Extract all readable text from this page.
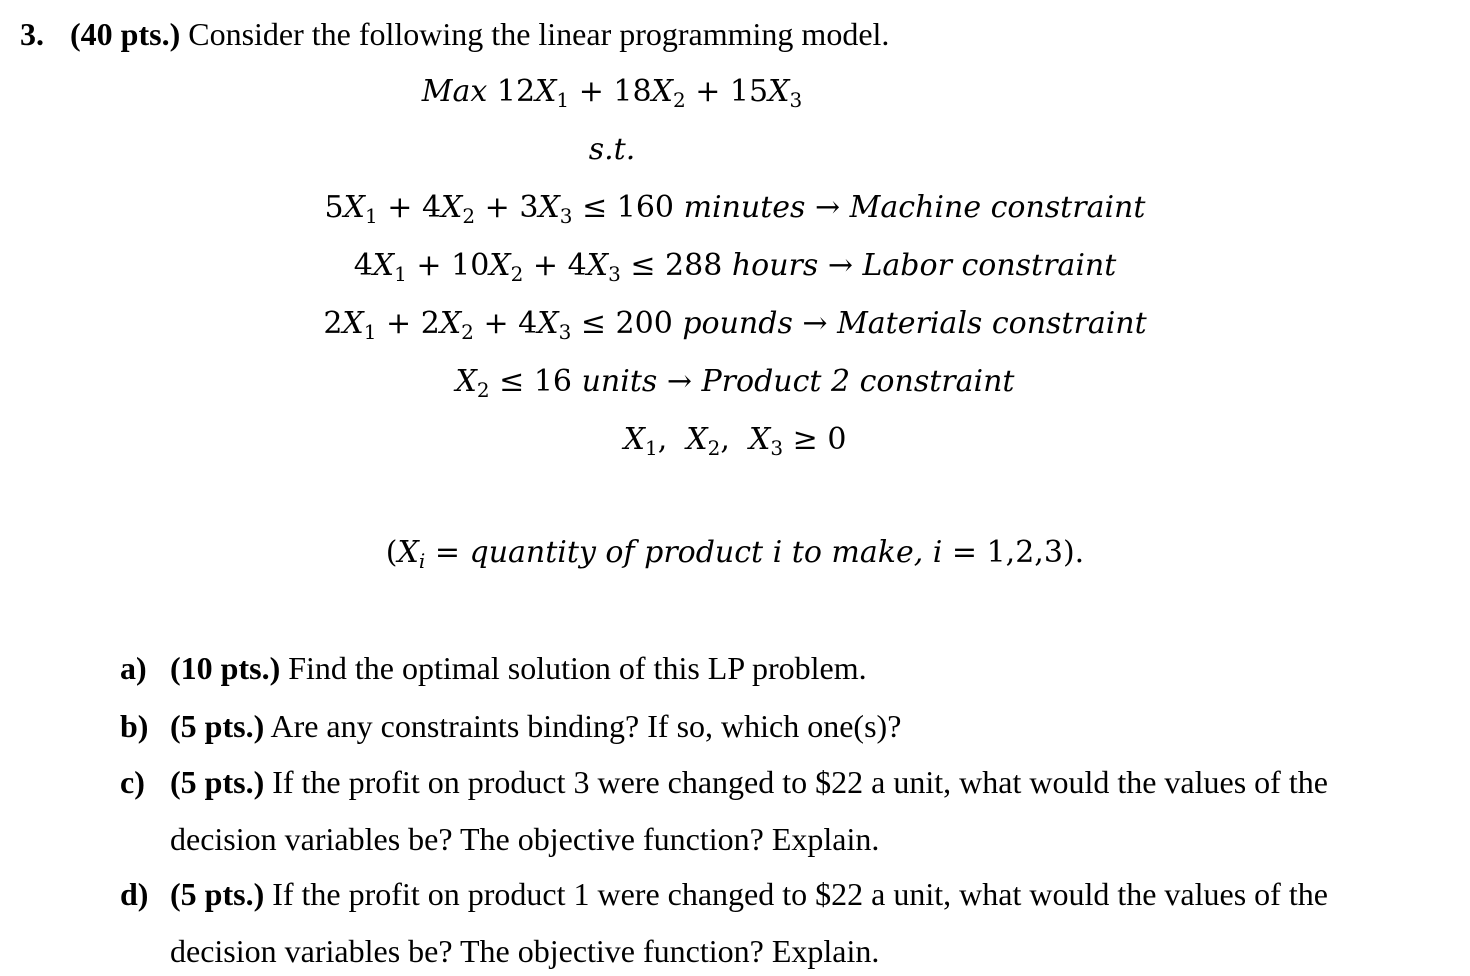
3. (40 pts.) Consider the following the linear programming model.
Max $12X_1 + 18X_2 + 15X_3$
s.t.
$5X_1 + 4X_2 + 3X_3 \le 160$ minutes → Machine constraint
$4X_1 + 10X_2 + 4X_3 \le 288$ hours → Labor constraint
$2X_1 + 2X_2 + 4X_3 \le 200$ pounds → Materials constraint
$X_2 \le 16$ units → Product 2 constraint
$X_1$,  $X_2$,  $X_3 \ge 0$
($X_i$ = quantity of product i to make, i = 1,2,3).
a) (10 pts.) Find the optimal solution of this LP problem.
b) (5 pts.) Are any constraints binding? If so, which one(s)?
c) (5 pts.) If the profit on product 3 were changed to $22 a unit, what would the values of the
decision variables be? The objective function? Explain.
d) (5 pts.) If the profit on product 1 were changed to $22 a unit, what would the values of the
decision variables be? The objective function? Explain.
